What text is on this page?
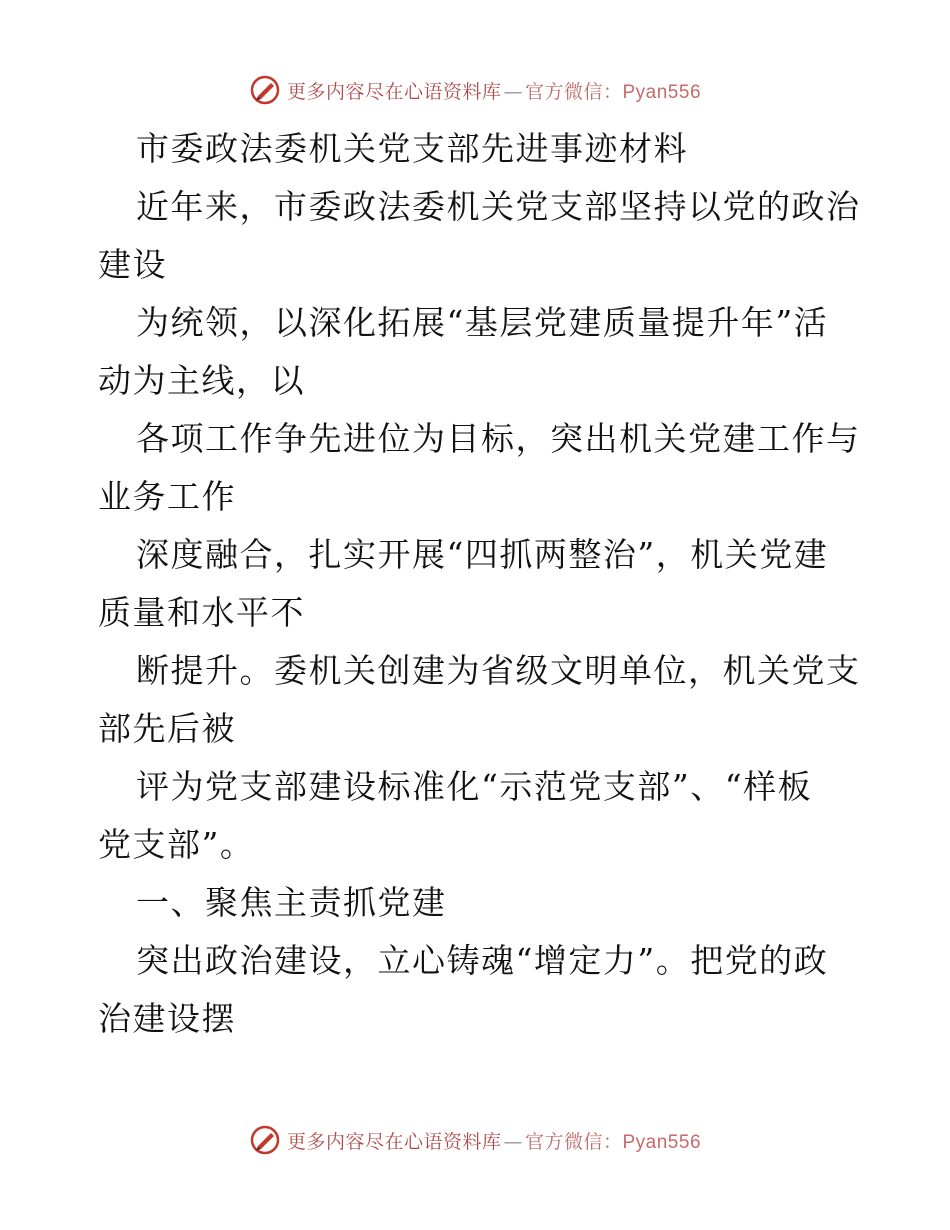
更多内容尽在心语资料库 — 官方微信：Pyan556
市委政法委机关党支部先进事迹材料
近年来，市委政法委机关党支部坚持以党的政治
建设
为统领，以深化拓展“基层党建质量提升年”活
动为主线，以
各项工作争先进位为目标，突出机关党建工作与
业务工作
深度融合，扎实开展“四抓两整治”，机关党建
质量和水平不
断提升。委机关创建为省级文明单位，机关党支
部先后被
评为党支部建设标准化“示范党支部”、“样板
党支部”。
一、聚焦主责抓党建
突出政治建设，立心铸魂“增定力”。把党的政
治建设摆
更多内容尽在心语资料库 — 官方微信：Pyan556
